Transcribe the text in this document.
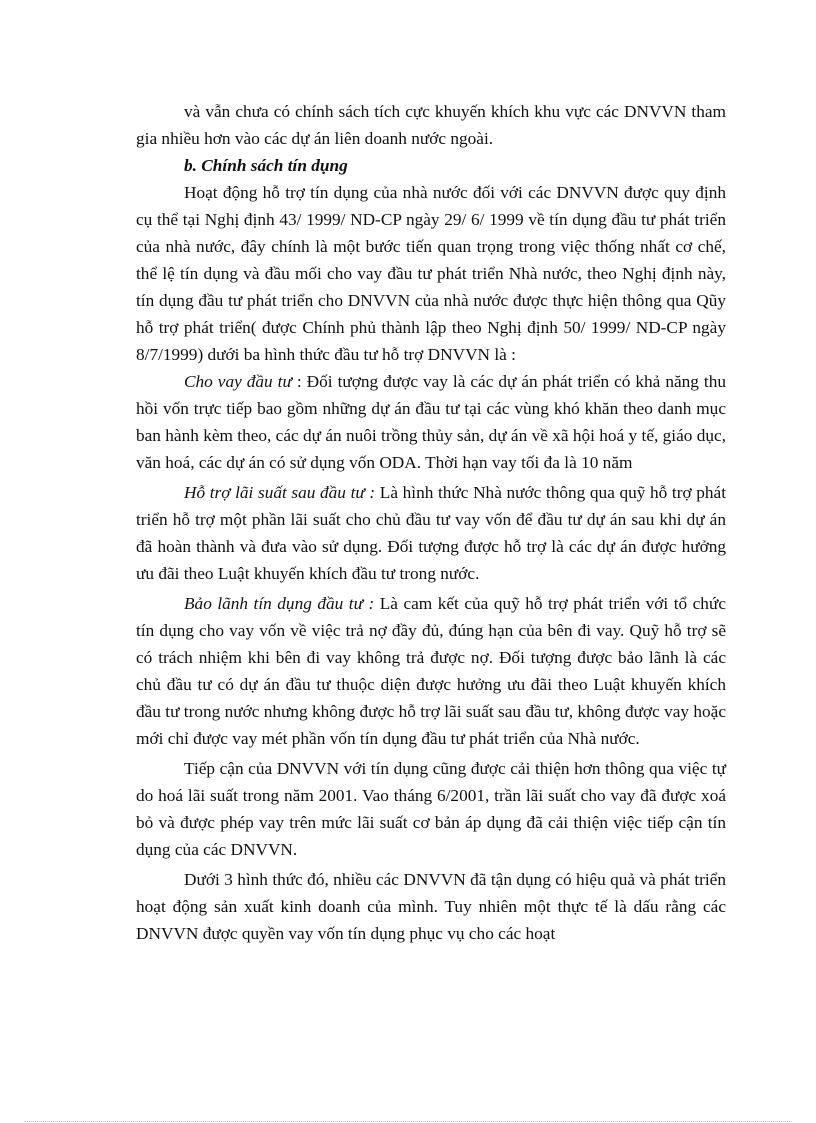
và vẫn chưa có chính sách tích cực khuyến khích khu vực các DNVVN tham gia nhiều hơn vào các dự án liên doanh nước ngoài.

b. Chính sách tín dụng

Hoạt động hỗ trợ tín dụng của nhà nước đối với các DNVVN được quy định cụ thể tại Nghị định 43/ 1999/ ND-CP ngày 29/ 6/ 1999 về tín dụng đầu tư phát triển của nhà nước, đây chính là một bước tiến quan trọng trong việc thống nhất cơ chế, thể lệ tín dụng và đầu mối cho vay đầu tư phát triển Nhà nước, theo Nghị định này, tín dụng đầu tư phát triển cho DNVVN của nhà nước được thực hiện thông qua Qũy hỗ trợ phát triển( được Chính phủ thành lập theo Nghị định 50/ 1999/ ND-CP ngày 8/7/1999) dưới ba hình thức đầu tư hỗ trợ DNVVN là :

Cho vay đầu tư : Đối tượng được vay là các dự án phát triển có khả năng thu hồi vốn trực tiếp bao gồm những dự án đầu tư tại các vùng khó khăn theo danh mục ban hành kèm theo, các dự án nuôi trồng thủy sản, dự án về xã hội hoá y tế, giáo dục, văn hoá, các dự án có sử dụng vốn ODA. Thời hạn vay tối đa là 10 năm

Hỗ trợ lãi suất sau đầu tư : Là hình thức Nhà nước thông qua quỹ hỗ trợ phát triển hỗ trợ một phần lãi suất cho chủ đầu tư vay vốn để đầu tư dự án sau khi dự án đã hoàn thành và đưa vào sử dụng. Đối tượng được hỗ trợ là các dự án được hưởng ưu đãi theo Luật khuyến khích đầu tư trong nước.

Bảo lãnh tín dụng đầu tư : Là cam kết của quỹ hỗ trợ phát triển với tổ chức tín dụng cho vay vốn về việc trả nợ đầy đủ, đúng hạn của bên đi vay. Quỹ hỗ trợ sẽ có trách nhiệm khi bên đi vay không trả được nợ. Đối tượng được bảo lãnh là các chủ đầu tư có dự án đầu tư thuộc diện được hưởng ưu đãi theo Luật khuyến khích đầu tư trong nước nhưng không được hỗ trợ lãi suất sau đầu tư, không được vay hoặc mới chỉ được vay mét phần vốn tín dụng đầu tư phát triển của Nhà nước.

Tiếp cận của DNVVN với tín dụng cũng được cải thiện hơn thông qua việc tự do hoá lãi suất trong năm 2001. Vao tháng 6/2001, trần lãi suất cho vay đã được xoá bỏ và được phép vay trên mức lãi suất cơ bản áp dụng đã cải thiện việc tiếp cận tín dụng của các DNVVN.

Dưới 3 hình thức đó, nhiều các DNVVN đã tận dụng có hiệu quả và phát triển hoạt động sản xuất kinh doanh của mình. Tuy nhiên một thực tế là dấu rằng các DNVVN được quyền vay vốn tín dụng phục vụ cho các hoạt
